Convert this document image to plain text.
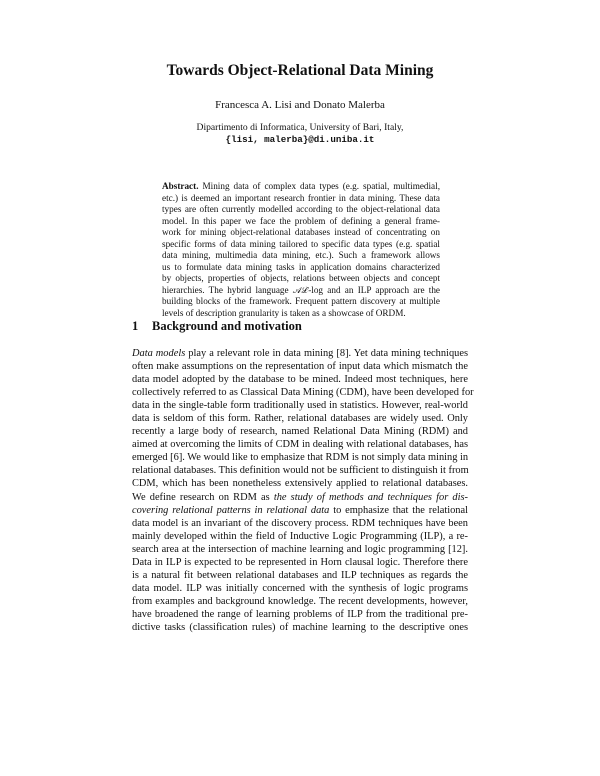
Towards Object-Relational Data Mining
Francesca A. Lisi and Donato Malerba
Dipartimento di Informatica, University of Bari, Italy,
{lisi, malerba}@di.uniba.it
Abstract. Mining data of complex data types (e.g. spatial, multimedial,
etc.) is deemed an important research frontier in data mining. These data
types are often currently modelled according to the object-relational data
model. In this paper we face the problem of defining a general frame-
work for mining object-relational databases instead of concentrating on
specific forms of data mining tailored to specific data types (e.g. spatial
data mining, multimedia data mining, etc.). Such a framework allows
us to formulate data mining tasks in application domains characterized
by objects, properties of objects, relations between objects and concept
hierarchies. The hybrid language 𝒜ℒ-log and an ILP approach are the
building blocks of the framework. Frequent pattern discovery at multiple
levels of description granularity is taken as a showcase of ORDM.
1 Background and motivation
Data models play a relevant role in data mining [8]. Yet data mining techniques
often make assumptions on the representation of input data which mismatch the
data model adopted by the database to be mined. Indeed most techniques, here
collectively referred to as Classical Data Mining (CDM), have been developed for
data in the single-table form traditionally used in statistics. However, real-world
data is seldom of this form. Rather, relational databases are widely used. Only
recently a large body of research, named Relational Data Mining (RDM) and
aimed at overcoming the limits of CDM in dealing with relational databases, has
emerged [6]. We would like to emphasize that RDM is not simply data mining in
relational databases. This definition would not be sufficient to distinguish it from
CDM, which has been nonetheless extensively applied to relational databases.
We define research on RDM as the study of methods and techniques for dis-
covering relational patterns in relational data to emphasize that the relational
data model is an invariant of the discovery process. RDM techniques have been
mainly developed within the field of Inductive Logic Programming (ILP), a re-
search area at the intersection of machine learning and logic programming [12].
Data in ILP is expected to be represented in Horn clausal logic. Therefore there
is a natural fit between relational databases and ILP techniques as regards the
data model. ILP was initially concerned with the synthesis of logic programs
from examples and background knowledge. The recent developments, however,
have broadened the range of learning problems of ILP from the traditional pre-
dictive tasks (classification rules) of machine learning to the descriptive ones
